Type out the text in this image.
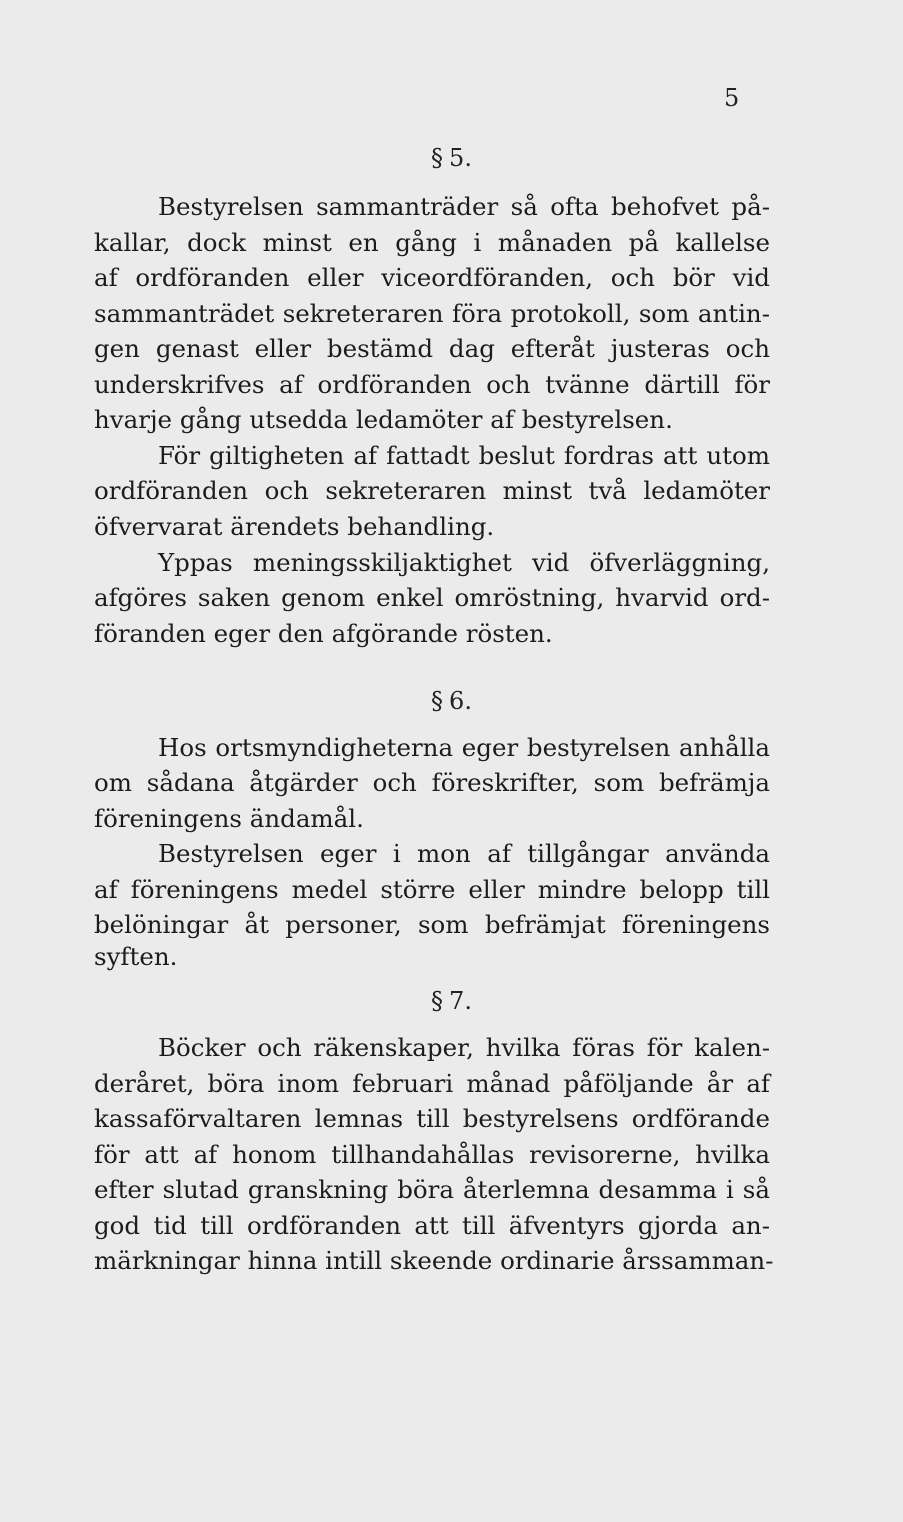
5
§ 5.
Bestyrelsen sammanträder så ofta behofvet på-
kallar, dock minst en gång i månaden på kallelse
af ordföranden eller viceordföranden, och bör vid
sammanträdet sekreteraren föra protokoll, som antin-
gen genast eller bestämd dag efteråt justeras och
underskrifves af ordföranden och tvänne därtill för
hvarje gång utsedda ledamöter af bestyrelsen.
För giltigheten af fattadt beslut fordras att utom
ordföranden och sekreteraren minst två ledamöter
öfvervarat ärendets behandling.
Yppas meningsskiljaktighet vid öfverläggning,
afgöres saken genom enkel omröstning, hvarvid ord-
föranden eger den afgörande rösten.
§ 6.
Hos ortsmyndigheterna eger bestyrelsen anhålla
om sådana åtgärder och föreskrifter, som befrämja
föreningens ändamål.
Bestyrelsen eger i mon af tillgångar använda
af föreningens medel större eller mindre belopp till
belöningar åt personer, som befrämjat föreningens
syften.
§ 7.
Böcker och räkenskaper, hvilka föras för kalen-
deråret, böra inom februari månad påföljande år af
kassaförvaltaren lemnas till bestyrelsens ordförande
för att af honom tillhandahållas revisorerne, hvilka
efter slutad granskning böra återlemna desamma i så
god tid till ordföranden att till äfventyrs gjorda an-
märkningar hinna intill skeende ordinarie årssamman-
